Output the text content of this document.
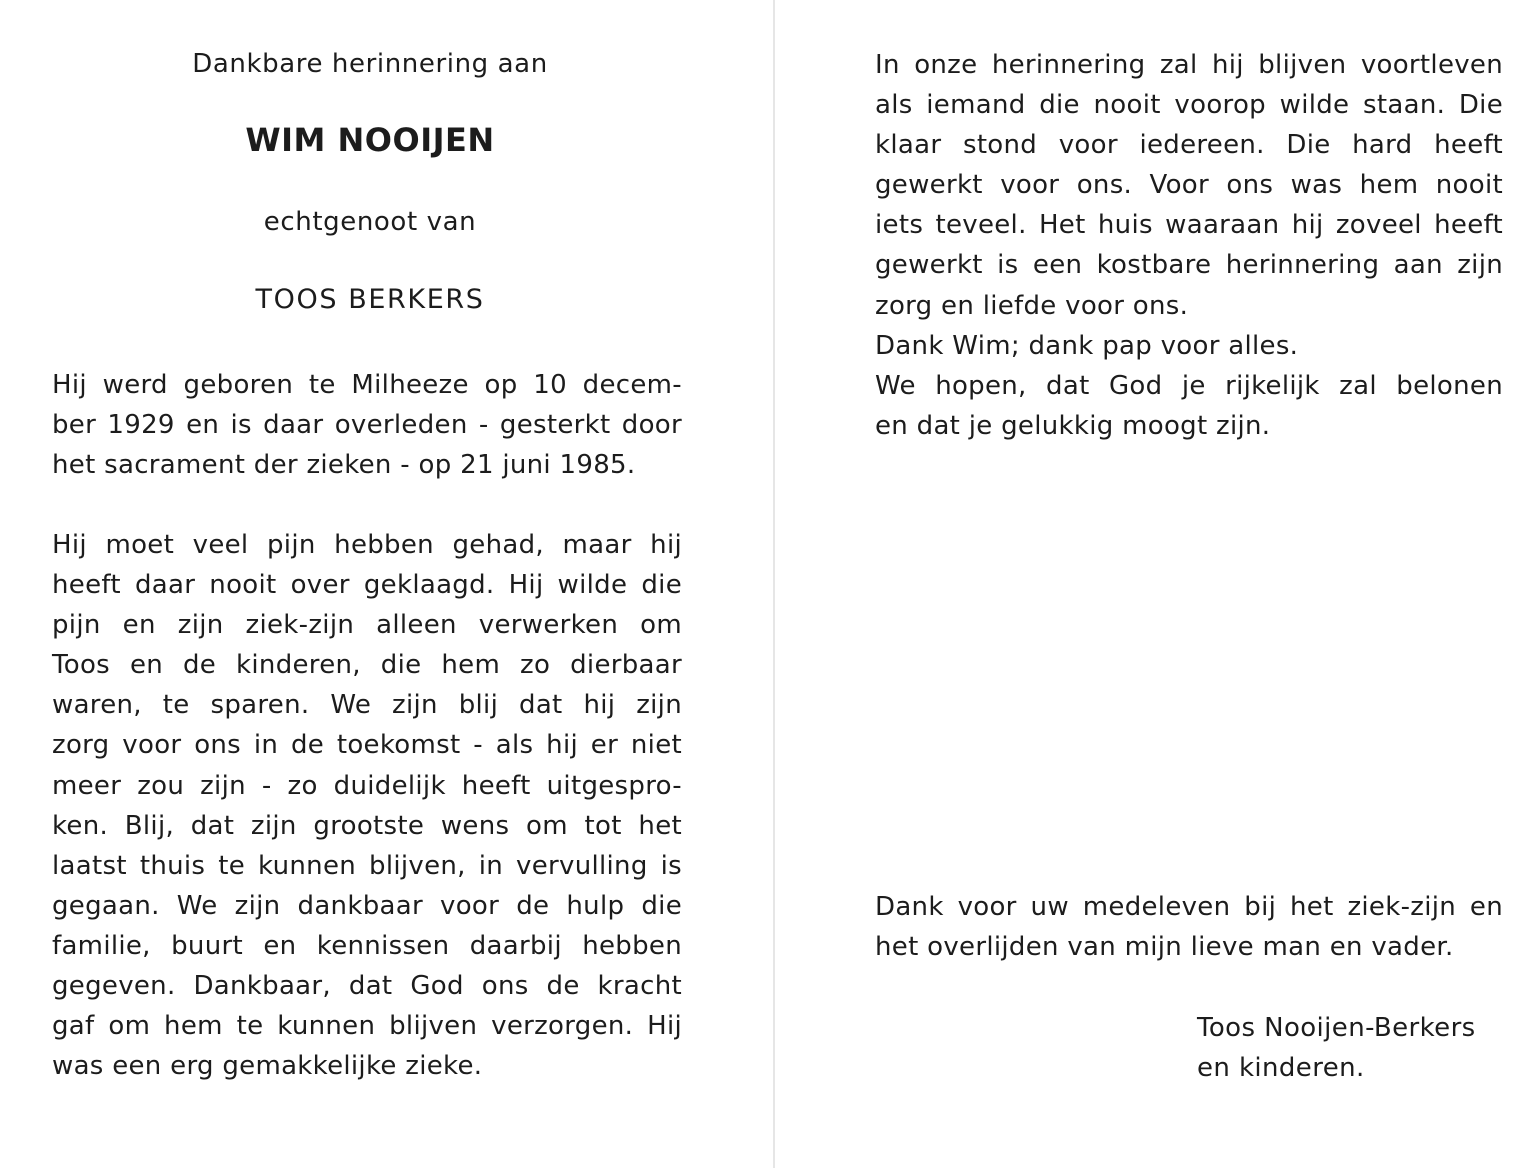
Dankbare herinnering aan
WIM NOOIJEN
echtgenoot van
TOOS BERKERS
Hij werd geboren te Milheeze op 10 decem-
ber 1929 en is daar overleden - gesterkt door
het sacrament der zieken - op 21 juni 1985.
Hij moet veel pijn hebben gehad, maar hij
heeft daar nooit over geklaagd. Hij wilde die
pijn en zijn ziek-zijn alleen verwerken om
Toos en de kinderen, die hem zo dierbaar
waren, te sparen. We zijn blij dat hij zijn
zorg voor ons in de toekomst - als hij er niet
meer zou zijn - zo duidelijk heeft uitgespro-
ken. Blij, dat zijn grootste wens om tot het
laatst thuis te kunnen blijven, in vervulling is
gegaan. We zijn dankbaar voor de hulp die
familie, buurt en kennissen daarbij hebben
gegeven. Dankbaar, dat God ons de kracht
gaf om hem te kunnen blijven verzorgen. Hij
was een erg gemakkelijke zieke.
In onze herinnering zal hij blijven voortleven
als iemand die nooit voorop wilde staan. Die
klaar stond voor iedereen. Die hard heeft
gewerkt voor ons. Voor ons was hem nooit
iets teveel. Het huis waaraan hij zoveel heeft
gewerkt is een kostbare herinnering aan zijn
zorg en liefde voor ons.
Dank Wim; dank pap voor alles.
We hopen, dat God je rijkelijk zal belonen
en dat je gelukkig moogt zijn.
Dank voor uw medeleven bij het ziek-zijn en
het overlijden van mijn lieve man en vader.
Toos Nooijen-Berkers
en kinderen.
